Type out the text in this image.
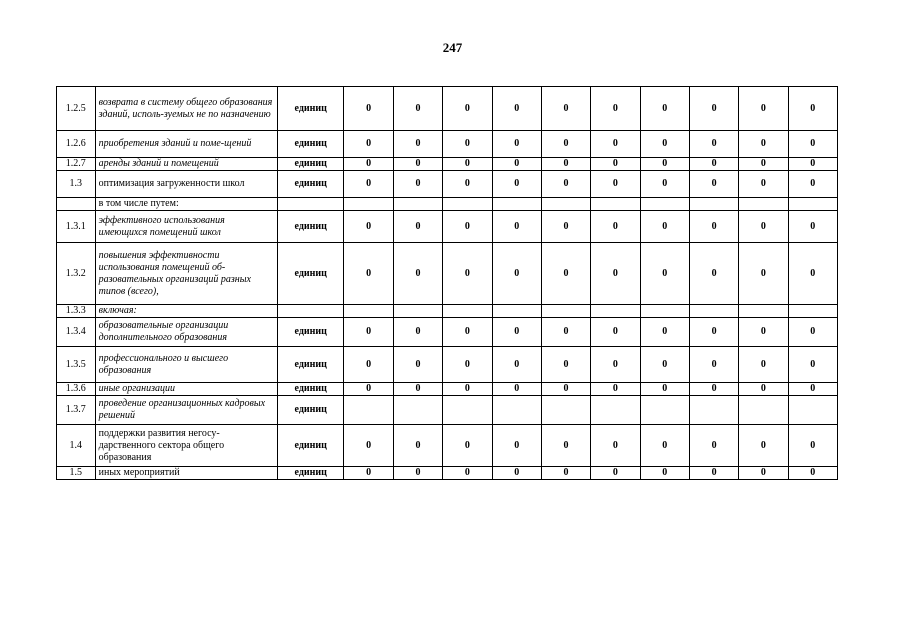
247
1.2.5	возврата в систему общего образования зданий, исполь-зуемых не по назначению	единиц	0	0	0	0	0	0	0	0	0	0
1.2.6	приобретения зданий и поме-щений	единиц	0	0	0	0	0	0	0	0	0	0
1.2.7	аренды зданий и помещений	единиц	0	0	0	0	0	0	0	0	0	0
1.3	оптимизация загруженности школ	единиц	0	0	0	0	0	0	0	0	0	0
	в том числе путем:											
1.3.1	эффективного использования имеющихся помещений школ	единиц	0	0	0	0	0	0	0	0	0	0
1.3.2	повышения эффективности использования помещений об-разовательных организаций разных типов (всего),	единиц	0	0	0	0	0	0	0	0	0	0
1.3.3	включая:											
1.3.4	образовательные организации дополнительного образования	единиц	0	0	0	0	0	0	0	0	0	0
1.3.5	профессионального и высшего образования	единиц	0	0	0	0	0	0	0	0	0	0
1.3.6	иные организации	единиц	0	0	0	0	0	0	0	0	0	0
1.3.7	проведение организационных кадровых решений	единиц										
1.4	поддержки развития негосу-дарственного сектора общего образования	единиц	0	0	0	0	0	0	0	0	0	0
1.5	иных мероприятий	единиц	0	0	0	0	0	0	0	0	0	0
